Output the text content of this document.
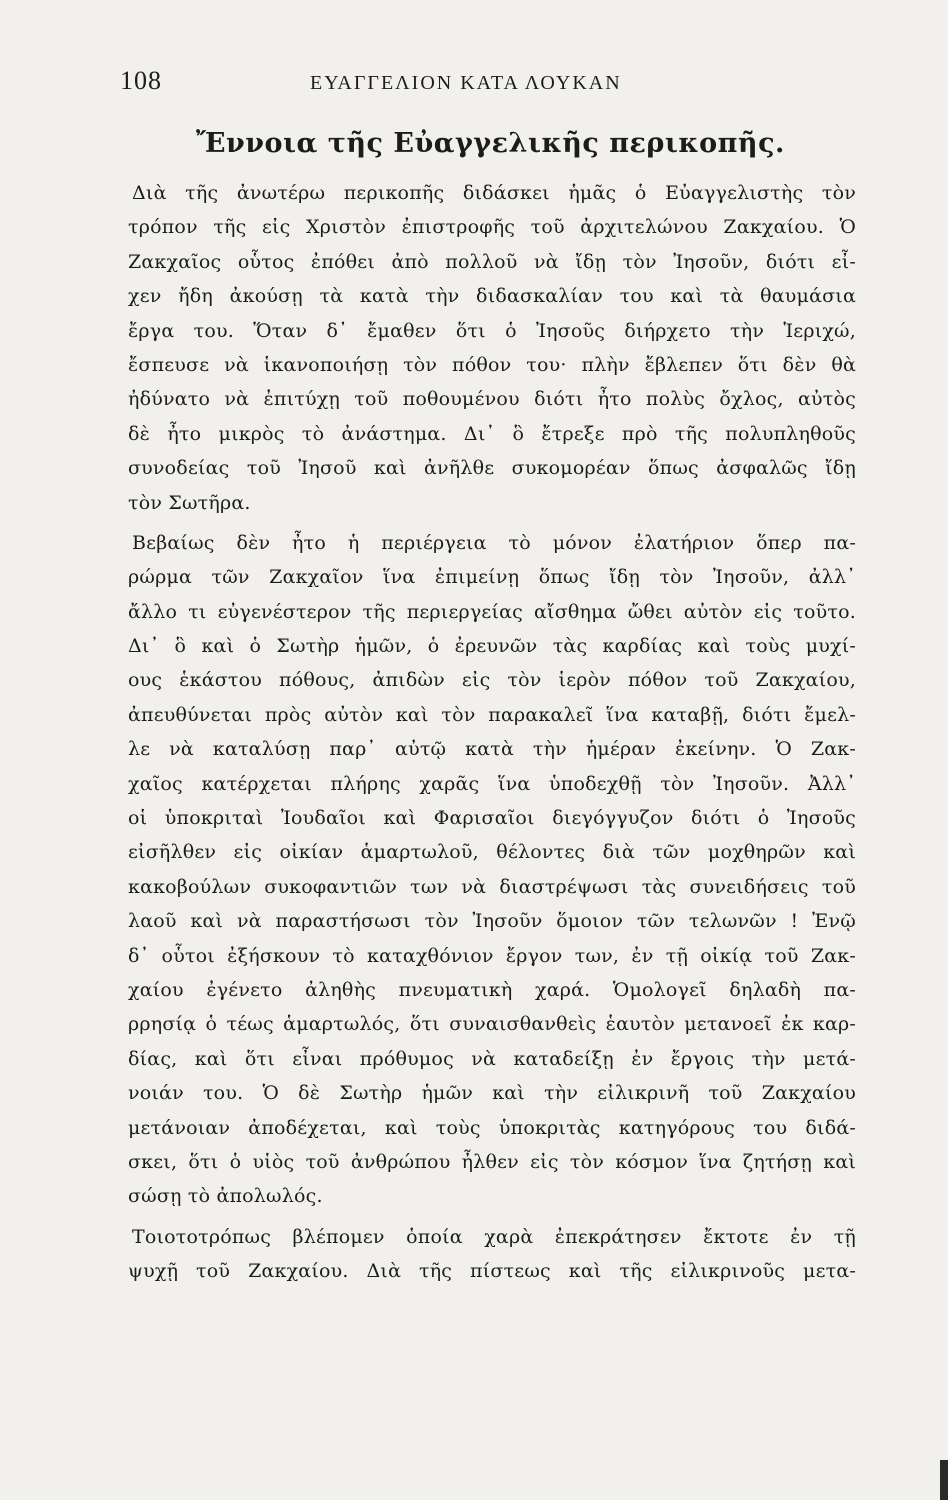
108	ΕΥΑΓΓΕΛΙΟΝ ΚΑΤΑ ΛΟΥΚΑΝ
Ἔννοια τῆς Εὐαγγελικῆς περικοπῆς.
Διὰ τῆς ἀνωτέρω περικοπῆς διδάσκει ἡμᾶς ὁ Εὐαγγελιστὴς τὸν
τρόπον τῆς εἰς Χριστὸν ἐπιστροφῆς τοῦ ἀρχιτελώνου Ζακχαίου. Ὁ
Ζακχαῖος οὗτος ἐπόθει ἀπὸ πολλοῦ νὰ ἴδῃ τὸν Ἰησοῦν, διότι εἶ-
χεν ἤδη ἀκούσῃ τὰ κατὰ τὴν διδασκαλίαν του καὶ τὰ θαυμάσια
ἔργα του. Ὅταν δ᾽ ἔμαθεν ὅτι ὁ Ἰησοῦς διήρχετο τὴν Ἱεριχώ,
ἔσπευσε νὰ ἱκανοποιήσῃ τὸν πόθον του· πλὴν ἔβλεπεν ὅτι δὲν θὰ
ἠδύνατο νὰ ἐπιτύχῃ τοῦ ποθουμένου διότι ἦτο πολὺς ὄχλος, αὐτὸς
δὲ ἦτο μικρὸς τὸ ἀνάστημα. Δι᾽ ὃ ἔτρεξε πρὸ τῆς πολυπληθοῦς
συνοδείας τοῦ Ἰησοῦ καὶ ἀνῆλθε συκομορέαν ὅπως ἀσφαλῶς ἴδῃ
τὸν Σωτῆρα.
Βεβαίως δὲν ἦτο ἡ περιέργεια τὸ μόνον ἐλατήριον ὅπερ πα-
ρώρμα τῶν Ζακχαῖον ἵνα ἐπιμείνῃ ὅπως ἴδῃ τὸν Ἰησοῦν, ἀλλ᾽
ἄλλο τι εὐγενέστερον τῆς περιεργείας αἴσθημα ὤθει αὐτὸν εἰς τοῦτο.
Δι᾽ ὃ καὶ ὁ Σωτὴρ ἡμῶν, ὁ ἐρευνῶν τὰς καρδίας καὶ τοὺς μυχί-
ους ἑκάστου πόθους, ἀπιδὼν εἰς τὸν ἱερὸν πόθον τοῦ Ζακχαίου,
ἀπευθύνεται πρὸς αὐτὸν καὶ τὸν παρακαλεῖ ἵνα καταβῇ, διότι ἔμελ-
λε νὰ καταλύσῃ παρ᾽ αὐτῷ κατὰ τὴν ἡμέραν ἐκείνην. Ὁ Ζακ-
χαῖος κατέρχεται πλήρης χαρᾶς ἵνα ὑποδεχθῇ τὸν Ἰησοῦν. Ἀλλ᾽
οἱ ὑποκριταὶ Ἰουδαῖοι καὶ Φαρισαῖοι διεγόγγυζον διότι ὁ Ἰησοῦς
εἰσῆλθεν εἰς οἰκίαν ἁμαρτωλοῦ, θέλοντες διὰ τῶν μοχθηρῶν καὶ
κακοβούλων συκοφαντιῶν των νὰ διαστρέψωσι τὰς συνειδήσεις τοῦ
λαοῦ καὶ νὰ παραστήσωσι τὸν Ἰησοῦν ὅμοιον τῶν τελωνῶν ! Ἐνῷ
δ᾽ οὗτοι ἐξήσκουν τὸ καταχθόνιον ἔργον των, ἐν τῇ οἰκίᾳ τοῦ Ζακ-
χαίου ἐγένετο ἀληθὴς πνευματικὴ χαρά. Ὁμολογεῖ δηλαδὴ πα-
ρρησίᾳ ὁ τέως ἁμαρτωλός, ὅτι συναισθανθεὶς ἑαυτὸν μετανοεῖ ἐκ καρ-
δίας, καὶ ὅτι εἶναι πρόθυμος νὰ καταδείξῃ ἐν ἔργοις τὴν μετά-
νοιάν του. Ὁ δὲ Σωτὴρ ἡμῶν καὶ τὴν εἰλικρινῆ τοῦ Ζακχαίου
μετάνοιαν ἀποδέχεται, καὶ τοὺς ὑποκριτὰς κατηγόρους του διδά-
σκει, ὅτι ὁ υἱὸς τοῦ ἀνθρώπου ἦλθεν εἰς τὸν κόσμον ἵνα ζητήσῃ καὶ
σώσῃ τὸ ἀπολωλός.
Τοιοτοτρόπως βλέπομεν ὁποία χαρὰ ἐπεκράτησεν ἔκτοτε ἐν τῇ
ψυχῇ τοῦ Ζακχαίου. Διὰ τῆς πίστεως καὶ τῆς εἰλικρινοῦς μετα-
